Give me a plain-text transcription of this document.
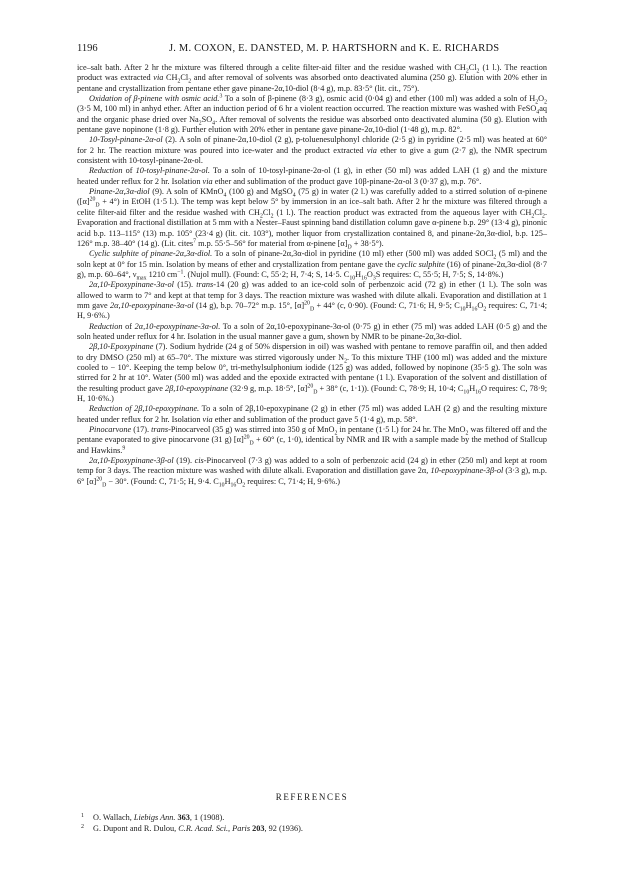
1196	J. M. COXON, E. DANSTED, M. P. HARTSHORN and K. E. RICHARDS

ice–salt bath. After 2 hr the mixture was filtered through a celite filter-aid filter and the residue washed with $CH_2Cl_2$ (1 l.). The reaction product was extracted via $CH_2Cl_2$ and after removal of solvents was absorbed onto deactivated alumina (250 g). Elution with 20% ether in pentane and crystallization from pentane ether gave pinane-2α,10-diol (8·4 g), m.p. 83·5° (lit. cit., 75°).

Oxidation of β-pinene with osmic acid.$^3$ To a soln of β-pinene (8·3 g), osmic acid (0·04 g) and ether (100 ml) was added a soln of $H_2O_2$ (3·5 M, 100 ml) in anhyd ether. After an induction period of 6 hr a violent reaction occurred. The reaction mixture was washed with FeSO$_4$aq and the organic phase dried over $Na_2SO_4$. After removal of solvents the residue was absorbed onto deactivated alumina (50 g). Elution with pentane gave nopinone (1·8 g). Further elution with 20% ether in pentane gave pinane-2α,10-diol (1·48 g), m.p. 82°.

10-Tosyl-pinane-2α-ol (2). A soln of pinane-2α,10-diol (2 g), p-toluenesulphonyl chloride (2·5 g) in pyridine (2·5 ml) was heated at 60° for 2 hr. The reaction mixture was poured into ice-water and the product extracted via ether to give a gum (2·7 g), the NMR spectrum consistent with 10-tosyl-pinane-2α-ol.

Reduction of 10-tosyl-pinane-2α-ol. To a soln of 10-tosyl-pinane-2α-ol (1 g), in ether (50 ml) was added LAH (1 g) and the mixture heated under reflux for 2 hr. Isolation via ether and sublimation of the product gave 10β-pinane-2α-ol 3 (0·37 g), m.p. 76°.

Pinane-2α,3α-diol (9). A soln of KMnO$_4$ (100 g) and MgSO$_4$ (75 g) in water (2 l.) was carefully added to a stirred solution of α-pinene $([\alpha]^{20}_D + 4^\circ)$ in EtOH (1·5 l.). The temp was kept below 5° by immersion in an ice–salt bath. After 2 hr the mixture was filtered through a celite filter-aid filter and the residue washed with $CH_2Cl_2$ (1 l.). The reaction product was extracted from the aqueous layer with $CH_2Cl_2$. Evaporation and fractional distillation at 5 mm with a Nester–Faust spinning band distillation column gave α-pinene b.p. 29° (13·4 g), pinonic acid b.p. 113–115° (13) m.p. 105° (23·4 g) (lit. cit. 103°), mother liquor from crystallization contained 8, and pinane-2α,3α-diol, b.p. 125–126° m.p. 38–40° (14 g). (Lit. cites$^7$ m.p. 55·5–56° for material from α-pinene $[\alpha]_D + 38\cdot 5^\circ$).

Cyclic sulphite of pinane-2α,3α-diol. To a soln of pinane-2α,3α-diol in pyridine (10 ml) ether (500 ml) was added SOCl$_2$ (5 ml) and the soln kept at 0° for 15 min. Isolation by means of ether and crystallization from pentane gave the cyclic sulphite (16) of pinane-2α,3α-diol (8·7 g), m.p. 60–64°, $\nu_{max}$ 1210 $cm^{-1}$. (Nujol mull). (Found: C, 55·2; H, 7·4; S, 14·5. $C_{10}H_{16}O_3S$ requires: C, 55·5; H, 7·5; S, 14·8%.)

2α,10-Epoxypinane-3α-ol (15). trans-14 (20 g) was added to an ice-cold soln of perbenzoic acid (72 g) in ether (1 l.). The soln was allowed to warm to 7° and kept at that temp for 3 days. The reaction mixture was washed with dilute alkali. Evaporation and distillation at 1 mm gave 2α,10-epoxypinane-3α-ol (14 g), b.p. 70–72° m.p. 15°, $[\alpha]^{20}_D + 44^\circ$ (c, 0·90). (Found: C, 71·6; H, 9·5; $C_{10}H_{16}O_2$ requires: C, 71·4; H, 9·6%.)

Reduction of 2α,10-epoxypinane-3α-ol. To a soln of 2α,10-epoxypinane-3α-ol (0·75 g) in ether (75 ml) was added LAH (0·5 g) and the soln heated under reflux for 4 hr. Isolation in the usual manner gave a gum, shown by NMR to be pinane-2α,3α-diol.

2β,10-Epoxypinane (7). Sodium hydride (24 g of 50% dispersion in oil) was washed with pentane to remove paraffin oil, and then added to dry DMSO (250 ml) at 65–70°. The mixture was stirred vigorously under $N_2$. To this mixture THF (100 ml) was added and the mixture cooled to − 10°. Keeping the temp below 0°, tri-methylsulphonium iodide (125 g) was added, followed by nopinone (35·5 g). The soln was stirred for 2 hr at 10°. Water (500 ml) was added and the epoxide extracted with pentane (1 l.). Evaporation of the solvent and distillation of the resulting product gave 2β,10-epoxypinane (32·9 g, m.p. 18·5°, $[\alpha]^{20}_D + 38^\circ$ (c, 1·1)). (Found: C, 78·9; H, 10·4; $C_{10}H_{16}O$ requires: C, 78·9; H, 10·6%.)

Reduction of 2β,10-epoxypinane. To a soln of 2β,10-epoxypinane (2 g) in ether (75 ml) was added LAH (2 g) and the resulting mixture heated under reflux for 2 hr. Isolation via ether and sublimation of the product gave 5 (1·4 g), m.p. 58°.

Pinocarvone (17). trans-Pinocarveol (35 g) was stirred into 350 g of MnO$_2$ in pentane (1·5 l.) for 24 hr. The MnO$_2$ was filtered off and the pentane evaporated to give pinocarvone (31 g) $[\alpha]^{20}_D + 60^\circ$ (c, 1·0), identical by NMR and IR with a sample made by the method of Stallcup and Hawkins.$^9$

2α,10-Epoxypinane-3β-ol (19). cis-Pinocarveol (7·3 g) was added to a soln of perbenzoic acid (24 g) in ether (250 ml) and kept at room temp for 3 days. The reaction mixture was washed with dilute alkali. Evaporation and distillation gave 2α, 10-epoxypinane-3β-ol (3·3 g), m.p. 6° $[\alpha]^{20}_D - 30^\circ$. (Found: C, 71·5; H, 9·4. $C_{10}H_{16}O_2$ requires: C, 71·4; H, 9·6%.)

REFERENCES

1 O. Wallach, Liebigs Ann. 363, 1 (1908).

2 G. Dupont and R. Dulou, C.R. Acad. Sci., Paris 203, 92 (1936).
